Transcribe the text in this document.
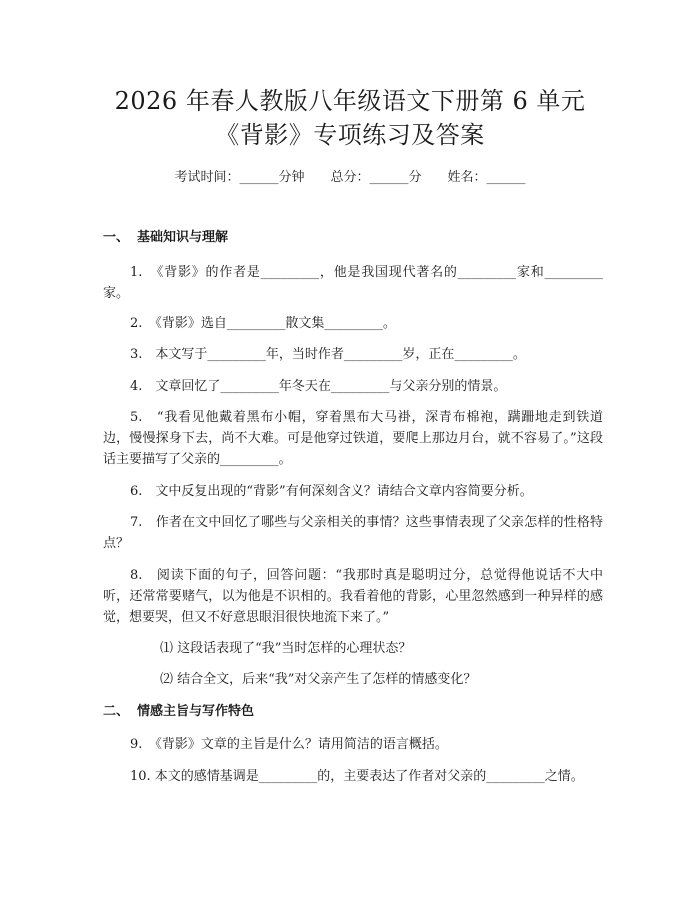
2026 年春人教版八年级语文下册第 6 单元
《背影》专项练习及答案
考试时间：______分钟 总分：______分 姓名：______
一、 基础知识与理解
1.　《背影》的作者是_________，他是我国现代著名的_________家和_________家。
2.　《背影》选自_________散文集_________。
3.　本文写于_________年，当时作者_________岁，正在_________。
4.　文章回忆了_________年冬天在_________与父亲分别的情景。
5.　“我看见他戴着黑布小帽，穿着黑布大马褂，深青布棉袍，蹒跚地走到铁道边，慢慢探身下去，尚不大难。可是他穿过铁道，要爬上那边月台，就不容易了。”这段话主要描写了父亲的_________。
6.　文中反复出现的“背影”有何深刻含义？请结合文章内容简要分析。
7.　作者在文中回忆了哪些与父亲相关的事情？这些事情表现了父亲怎样的性格特点？
8.　阅读下面的句子，回答问题：“我那时真是聪明过分，总觉得他说话不大中听，还常常要赌气，以为他是不识相的。我看着他的背影，心里忽然感到一种异样的感觉，想要哭，但又不好意思眼泪很快地流下来了。”
⑴ 这段话表现了“我”当时怎样的心理状态？
⑵ 结合全文，后来“我”对父亲产生了怎样的情感变化？
二、 情感主旨与写作特色
9.　《背影》文章的主旨是什么？请用简洁的语言概括。
10. 本文的感情基调是_________的，主要表达了作者对父亲的_________之情。
